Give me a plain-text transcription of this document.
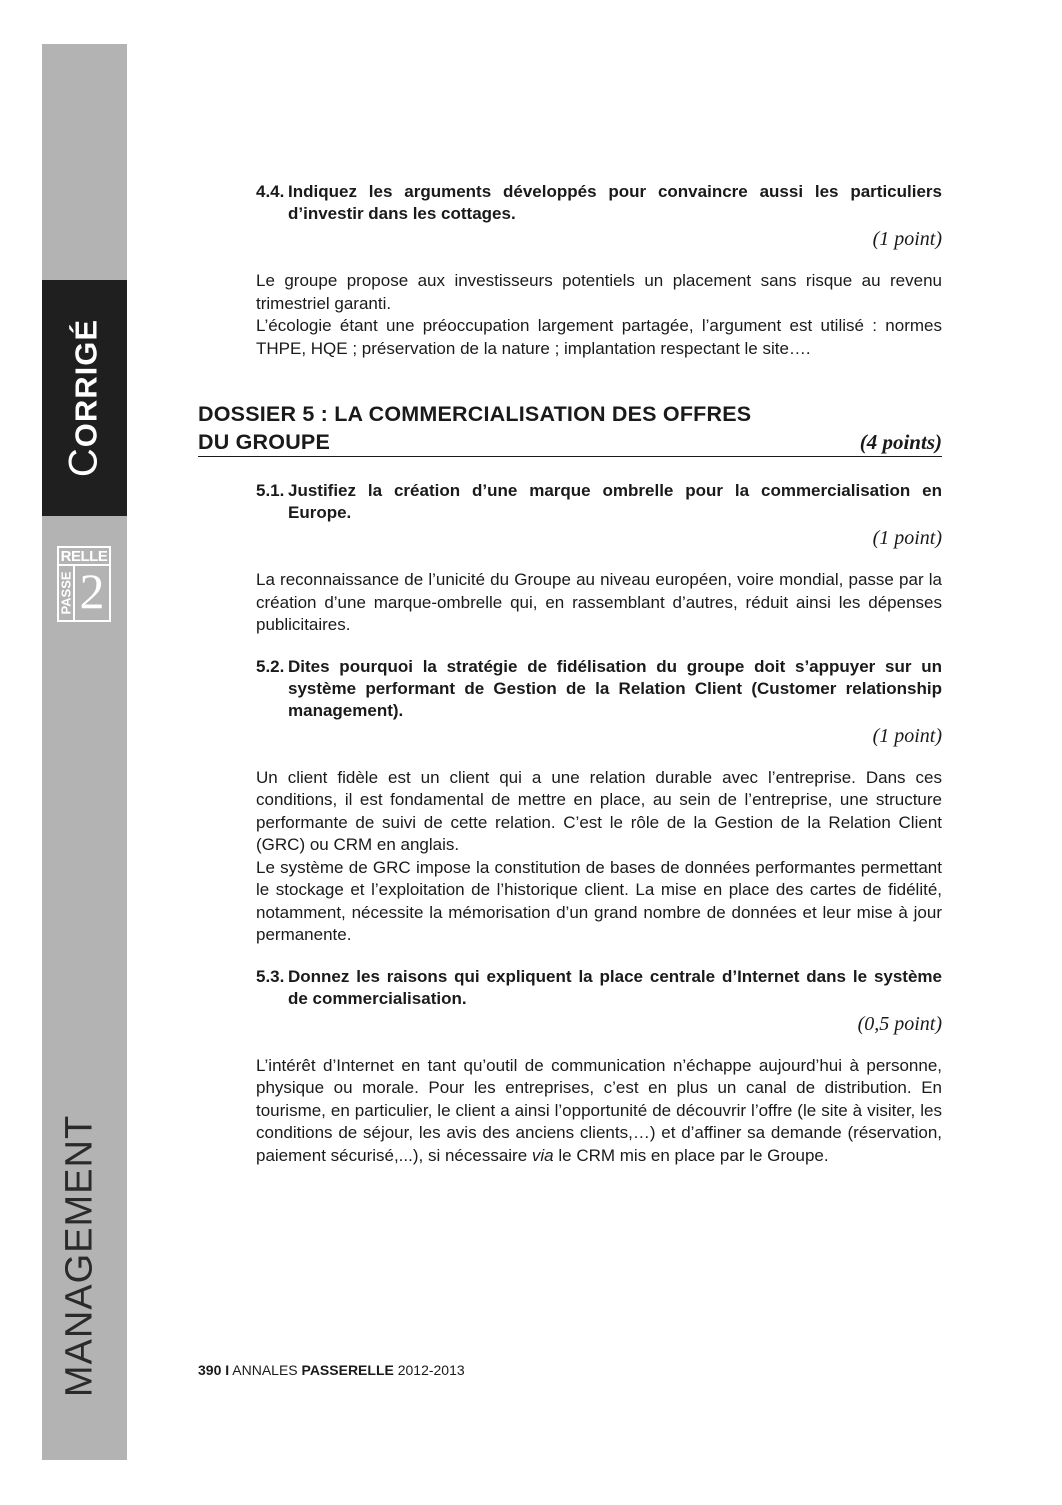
CORRIGÉ
RELLE
PASSE 2
MANAGEMENT
4.4. Indiquez les arguments développés pour convaincre aussi les particuliers d’investir dans les cottages.
(1 point)

Le groupe propose aux investisseurs potentiels un placement sans risque au revenu trimestriel garanti.

L’écologie étant une préoccupation largement partagée, l’argument est utilisé : normes THPE, HQE ; préservation de la nature ; implantation respectant le site….

DOSSIER 5 : LA COMMERCIALISATION DES OFFRES
DU GROUPE	(4 points)
5.1. Justifiez la création d’une marque ombrelle pour la commercialisation en Europe.
(1 point)

La reconnaissance de l’unicité du Groupe au niveau européen, voire mondial, passe par la création d’une marque-ombrelle qui, en rassemblant d’autres, réduit ainsi les dépenses publicitaires.

5.2. Dites pourquoi la stratégie de fidélisation du groupe doit s’appuyer sur un système performant de Gestion de la Relation Client (Customer relationship management).
(1 point)

Un client fidèle est un client qui a une relation durable avec l’entreprise. Dans ces conditions, il est fondamental de mettre en place, au sein de l’entreprise, une structure performante de suivi de cette relation. C’est le rôle de la Gestion de la Relation Client (GRC) ou CRM en anglais.

Le système de GRC impose la constitution de bases de données performantes permettant le stockage et l’exploitation de l’historique client. La mise en place des cartes de fidélité, notamment, nécessite la mémorisation d’un grand nombre de données et leur mise à jour permanente.

5.3. Donnez les raisons qui expliquent la place centrale d’Internet dans le système de commercialisation.
(0,5 point)

L’intérêt d’Internet en tant qu’outil de communication n’échappe aujourd’hui à personne, physique ou morale. Pour les entreprises, c’est en plus un canal de distribution. En tourisme, en particulier, le client a ainsi l’opportunité de découvrir l’offre (le site à visiter, les conditions de séjour, les avis des anciens clients,…) et d’affiner sa demande (réservation, paiement sécurisé,...), si nécessaire via le CRM mis en place par le Groupe.

390 I ANNALES PASSERELLE 2012-2013
